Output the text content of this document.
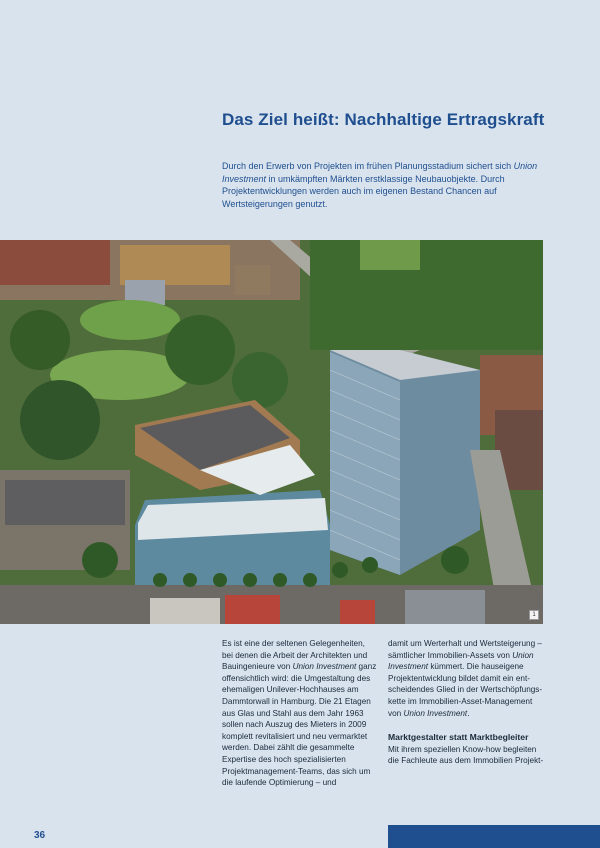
Das Ziel heißt: Nachhaltige Ertragskraft

Durch den Erwerb von Projekten im frühen Planungsstadium sichert sich Union Investment in umkämpften Märkten erstklassige Neubauobjekte. Durch Projektentwicklungen werden auch im eigenen Bestand Chancen auf Wertsteigerungen genutzt.

1

Es ist eine der seltenen Gelegenheiten, bei denen die Arbeit der Architekten und Bauingenieure von Union Investment ganz offensichtlich wird: die Umgestaltung des ehemaligen Unilever-Hochhauses am Dammtorwall in Hamburg. Die 21 Etagen aus Glas und Stahl aus dem Jahr 1963 sollen nach Auszug des Mieters in 2009 komplett revitalisiert und neu vermarktet werden. Dabei zählt die gesammelte Expertise des hoch spezialisierten Projektmanagement-Teams, das sich um die laufende Optimierung – und

damit um Werterhalt und Wertsteigerung – sämtlicher Immobilien-Assets von Union Investment kümmert. Die hauseigene Projektentwicklung bildet damit ein entscheidendes Glied in der Wertschöpfungskette im Immobilien-Asset-Management von Union Investment.

Marktgestalter statt Marktbegleiter

Mit ihrem speziellen Know-how begleiten die Fachleute aus dem Immobilien Projekt-

36
